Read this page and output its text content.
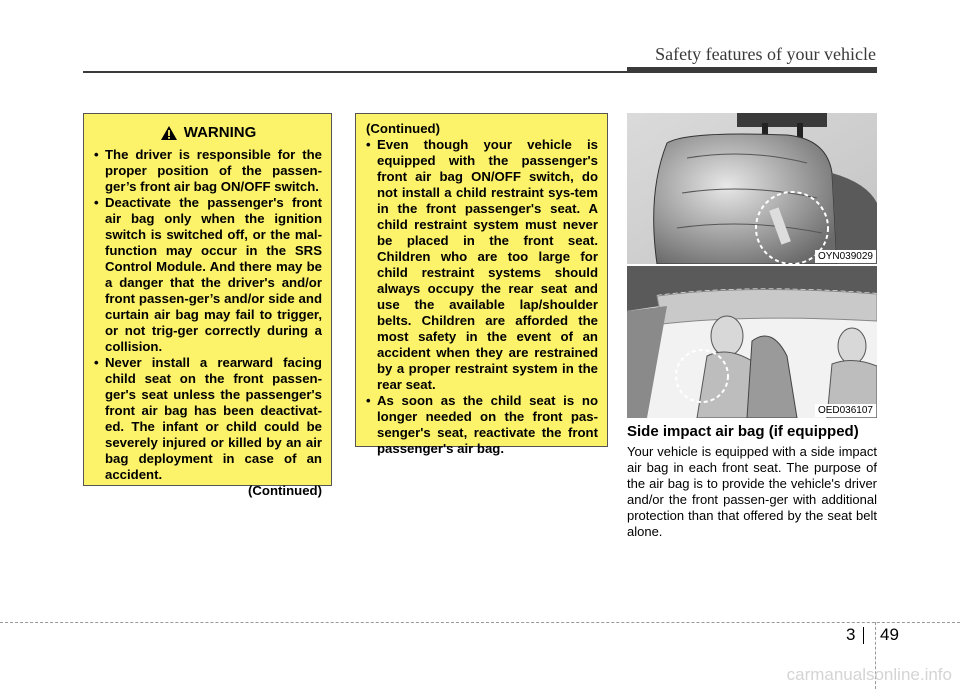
Safety features of your vehicle
WARNING
• The driver is responsible for the proper position of the passen-ger’s front air bag ON/OFF switch.
• Deactivate the passenger's front air bag only when the ignition switch is switched off, or the mal-function may occur in the SRS Control Module. And there may be a danger that the driver's and/or front passen-ger’s and/or side and curtain air bag may fail to trigger, or not trig-ger correctly during a collision.
• Never install a rearward facing child seat on the front passen-ger's seat unless the passenger's front air bag has been deactivat-ed. The infant or child could be severely injured or killed by an air bag deployment in case of an accident.
(Continued)
(Continued)
• Even though your vehicle is equipped with the passenger's front air bag ON/OFF switch, do not install a child restraint sys-tem in the front passenger's seat. A child restraint system must never be placed in the front seat. Children who are too large for child restraint systems should always occupy the rear seat and use the available lap/shoulder belts. Children are afforded the most safety in the event of an accident when they are restrained by a proper restraint system in the rear seat.
• As soon as the child seat is no longer needed on the front pas-senger's seat, reactivate the front passenger's air bag.
OYN039029
OED036107
Side impact air bag (if equipped)
Your vehicle is equipped with a side impact air bag in each front seat. The purpose of the air bag is to provide the vehicle's driver and/or the front passen-ger with additional protection than that offered by the seat belt alone.
3 49
carmanualsonline.info
